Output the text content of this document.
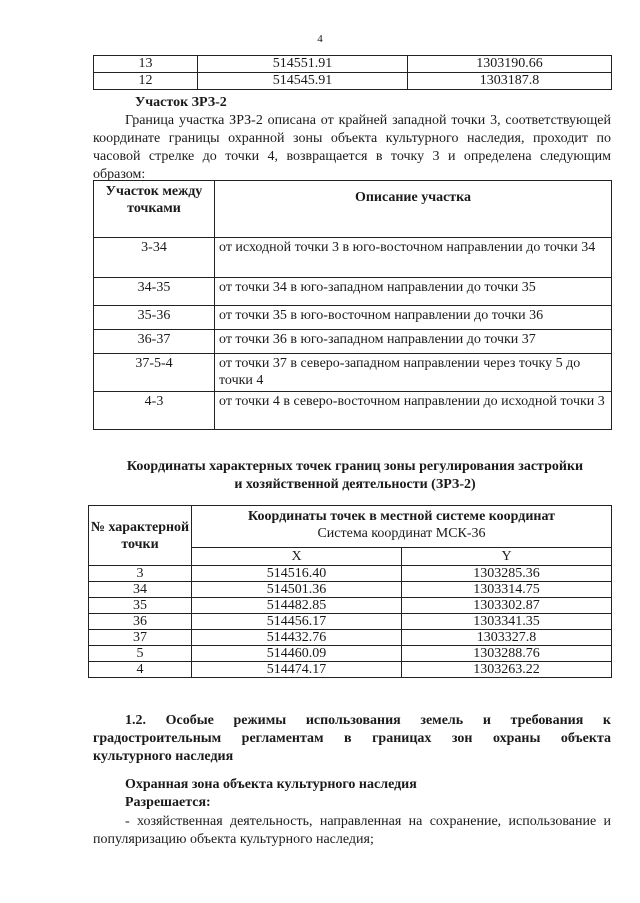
4
13	514551.91	1303190.66
12	514545.91	1303187.8
Участок ЗРЗ-2
Граница участка ЗРЗ-2 описана от крайней западной точки 3, соответствующей координате границы охранной зоны объекта культурного наследия, проходит по часовой стрелке до точки 4, возвращается в точку 3 и определена следующим образом:
Участок между точками	Описание участка
3-34	от исходной точки 3 в юго-восточном направлении до точки 34
34-35	от точки 34 в юго-западном направлении до точки 35
35-36	от точки 35 в юго-восточном направлении до точки 36
36-37	от точки 36 в юго-западном направлении до точки 37
37-5-4	от точки 37 в северо-западном направлении через точку 5 до точки 4
4-3	от точки 4 в северо-восточном направлении до исходной точки 3
Координаты характерных точек границ зоны регулирования застройки
и хозяйственной деятельности (ЗРЗ-2)
№ характерной точки	Координаты точек в местной системе координат
Система координат МСК-36	

	X	Y
3	514516.40	1303285.36
34	514501.36	1303314.75
35	514482.85	1303302.87
36	514456.17	1303341.35
37	514432.76	1303327.8
5	514460.09	1303288.76
4	514474.17	1303263.22
1.2. Особые режимы использования земель и требования к
градостроительным регламентам в границах зон охраны объекта
культурного наследия
Охранная зона объекта культурного наследия
Разрешается:
- хозяйственная деятельность, направленная на сохранение, использование и популяризацию объекта культурного наследия;
